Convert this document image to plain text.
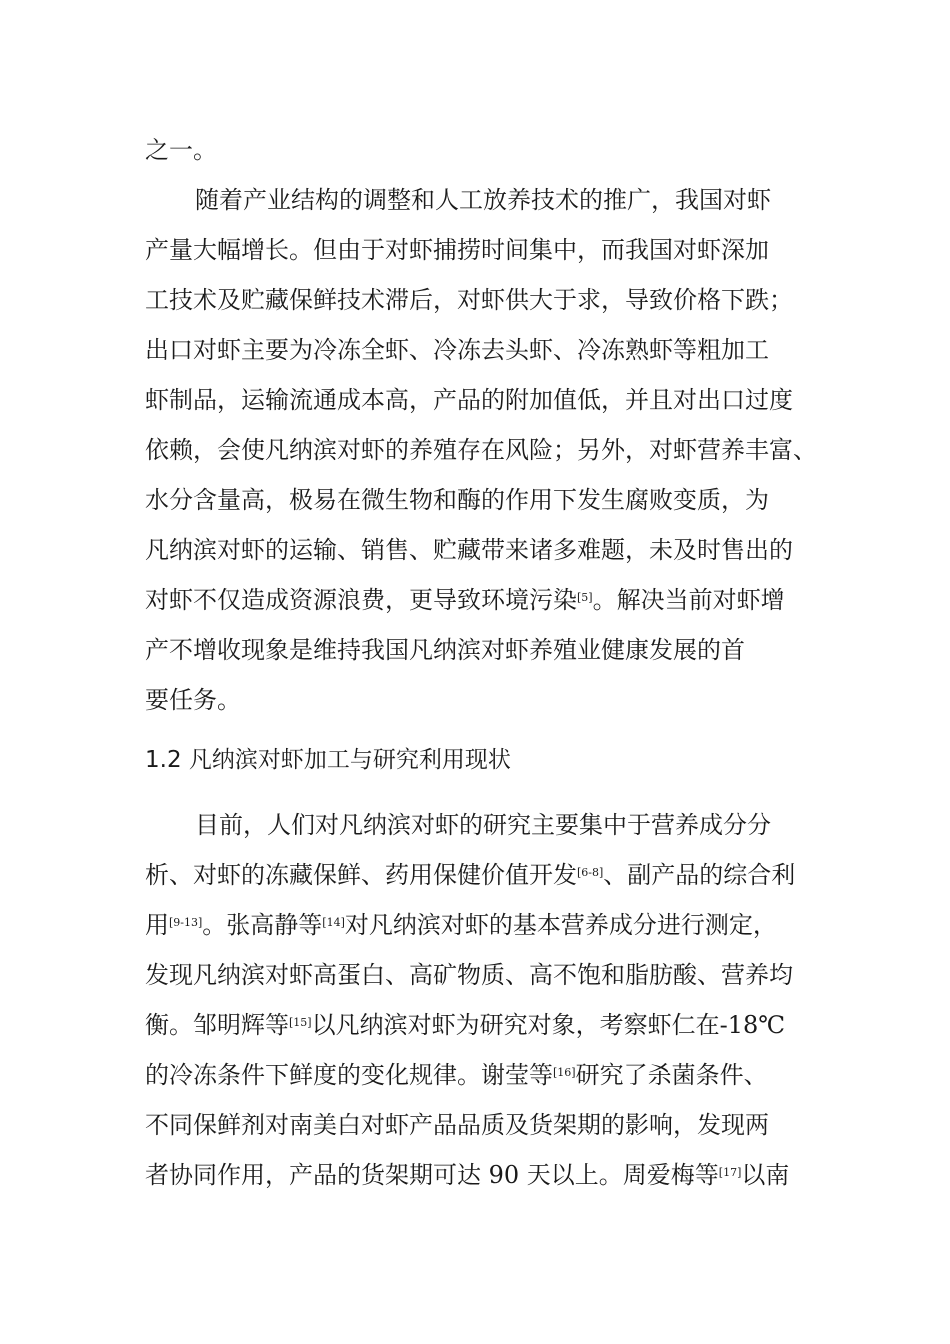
之一。
随着产业结构的调整和人工放养技术的推广，我国对虾
产量大幅增长。但由于对虾捕捞时间集中，而我国对虾深加
工技术及贮藏保鲜技术滞后，对虾供大于求，导致价格下跌；
出口对虾主要为冷冻全虾、冷冻去头虾、冷冻熟虾等粗加工
虾制品，运输流通成本高，产品的附加值低，并且对出口过度
依赖，会使凡纳滨对虾的养殖存在风险；另外，对虾营养丰富、
水分含量高，极易在微生物和酶的作用下发生腐败变质，为
凡纳滨对虾的运输、销售、贮藏带来诸多难题，未及时售出的
对虾不仅造成资源浪费，更导致环境污染[5]。解决当前对虾增
产不增收现象是维持我国凡纳滨对虾养殖业健康发展的首
要任务。
1.2 凡纳滨对虾加工与研究利用现状
目前，人们对凡纳滨对虾的研究主要集中于营养成分分
析、对虾的冻藏保鲜、药用保健价值开发[6-8]、副产品的综合利
用[9-13]。张高静等[14]对凡纳滨对虾的基本营养成分进行测定，
发现凡纳滨对虾高蛋白、高矿物质、高不饱和脂肪酸、营养均
衡。邹明辉等[15]以凡纳滨对虾为研究对象，考察虾仁在-18℃
的冷冻条件下鲜度的变化规律。谢莹等[16]研究了杀菌条件、
不同保鲜剂对南美白对虾产品品质及货架期的影响，发现两
者协同作用，产品的货架期可达 90 天以上。周爱梅等[17]以南
